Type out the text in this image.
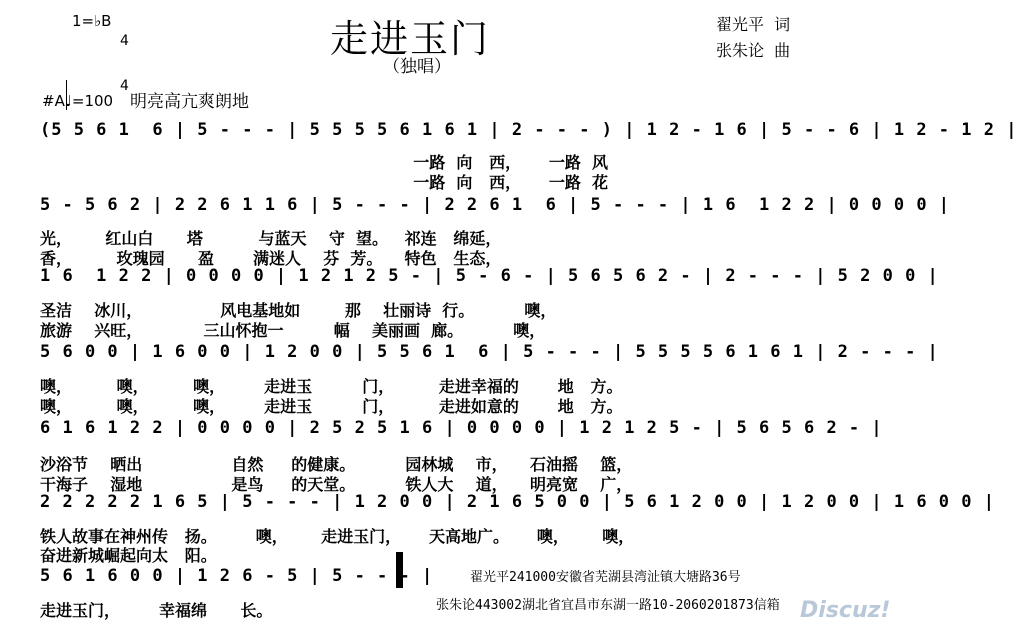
1=♭B

4

4

走进玉门
（独唱）
翟光平  词
张朱论  曲
#A♩=100 明亮高亢爽朗地
(5 5 6 1  6 | 5 - - - | 5 5 5 5 6 1 6 1 | 2 - - - ) | 1 2 - 1 6 | 5 - - 6 | 1 2 - 1 2 |
一路  向   西，     一路  风
一路  向   西，     一路  花
5 - 5 6 2 | 2 2 6 1 1 6 | 5 - - - | 2 2 6 1  6 | 5 - - - | 1 6  1 2 2 | 0 0 0 0 |
光，      红山白      塔          与蓝天    守  望。   祁连   绵延，
香，        玫瑰园      盈       满迷人    芬  芳。    特色   生态，
1 6  1 2 2 | 0 0 0 0 | 1 2 1 2 5 - | 5 - 6 - | 5 6 5 6 2 - | 2 - - - | 5 2 0 0 |
圣洁    冰川，              风电基地如        那    壮丽诗  行。         噢，
旅游    兴旺，           三山怀抱一         幅    美丽画  廊。         噢，
5 6 0 0 | 1 6 0 0 | 1 2 0 0 | 5 5 6 1  6 | 5 - - - | 5 5 5 5 6 1 6 1 | 2 - - - |
噢，        噢，        噢，       走进玉         门，        走进幸福的       地   方。
噢，        噢，        噢，       走进玉         门，        走进如意的       地   方。
6 1 6 1 2 2 | 0 0 0 0 | 2 5 2 5 1 6 | 0 0 0 0 | 1 2 1 2 5 - | 5 6 5 6 2 - |
沙浴节    晒出                自然     的健康。         园林城    市，    石油摇    篮，
干海子    湿地                是鸟     的天堂。         铁人大    道，    明亮宽    广，
2 2 2 2 2 1 6 5 | 5 - - - | 1 2 0 0 | 2 1 6 5 0 0 | 5 6 1 2 0 0 | 1 2 0 0 | 1 6 0 0 |
铁人故事在神州传   扬。       噢，      走进玉门，     天高地广。     噢，      噢，
奋进新城崛起向太   阳。
5 6 1 6 0 0 | 1 2 6 - 5 | 5 - - - |
走进玉门，       幸福绵      长。
翟光平241000安徽省芜湖县湾沚镇大塘路36号
张朱论443002湖北省宜昌市东湖一路10-2060201873信箱 Discuz!
